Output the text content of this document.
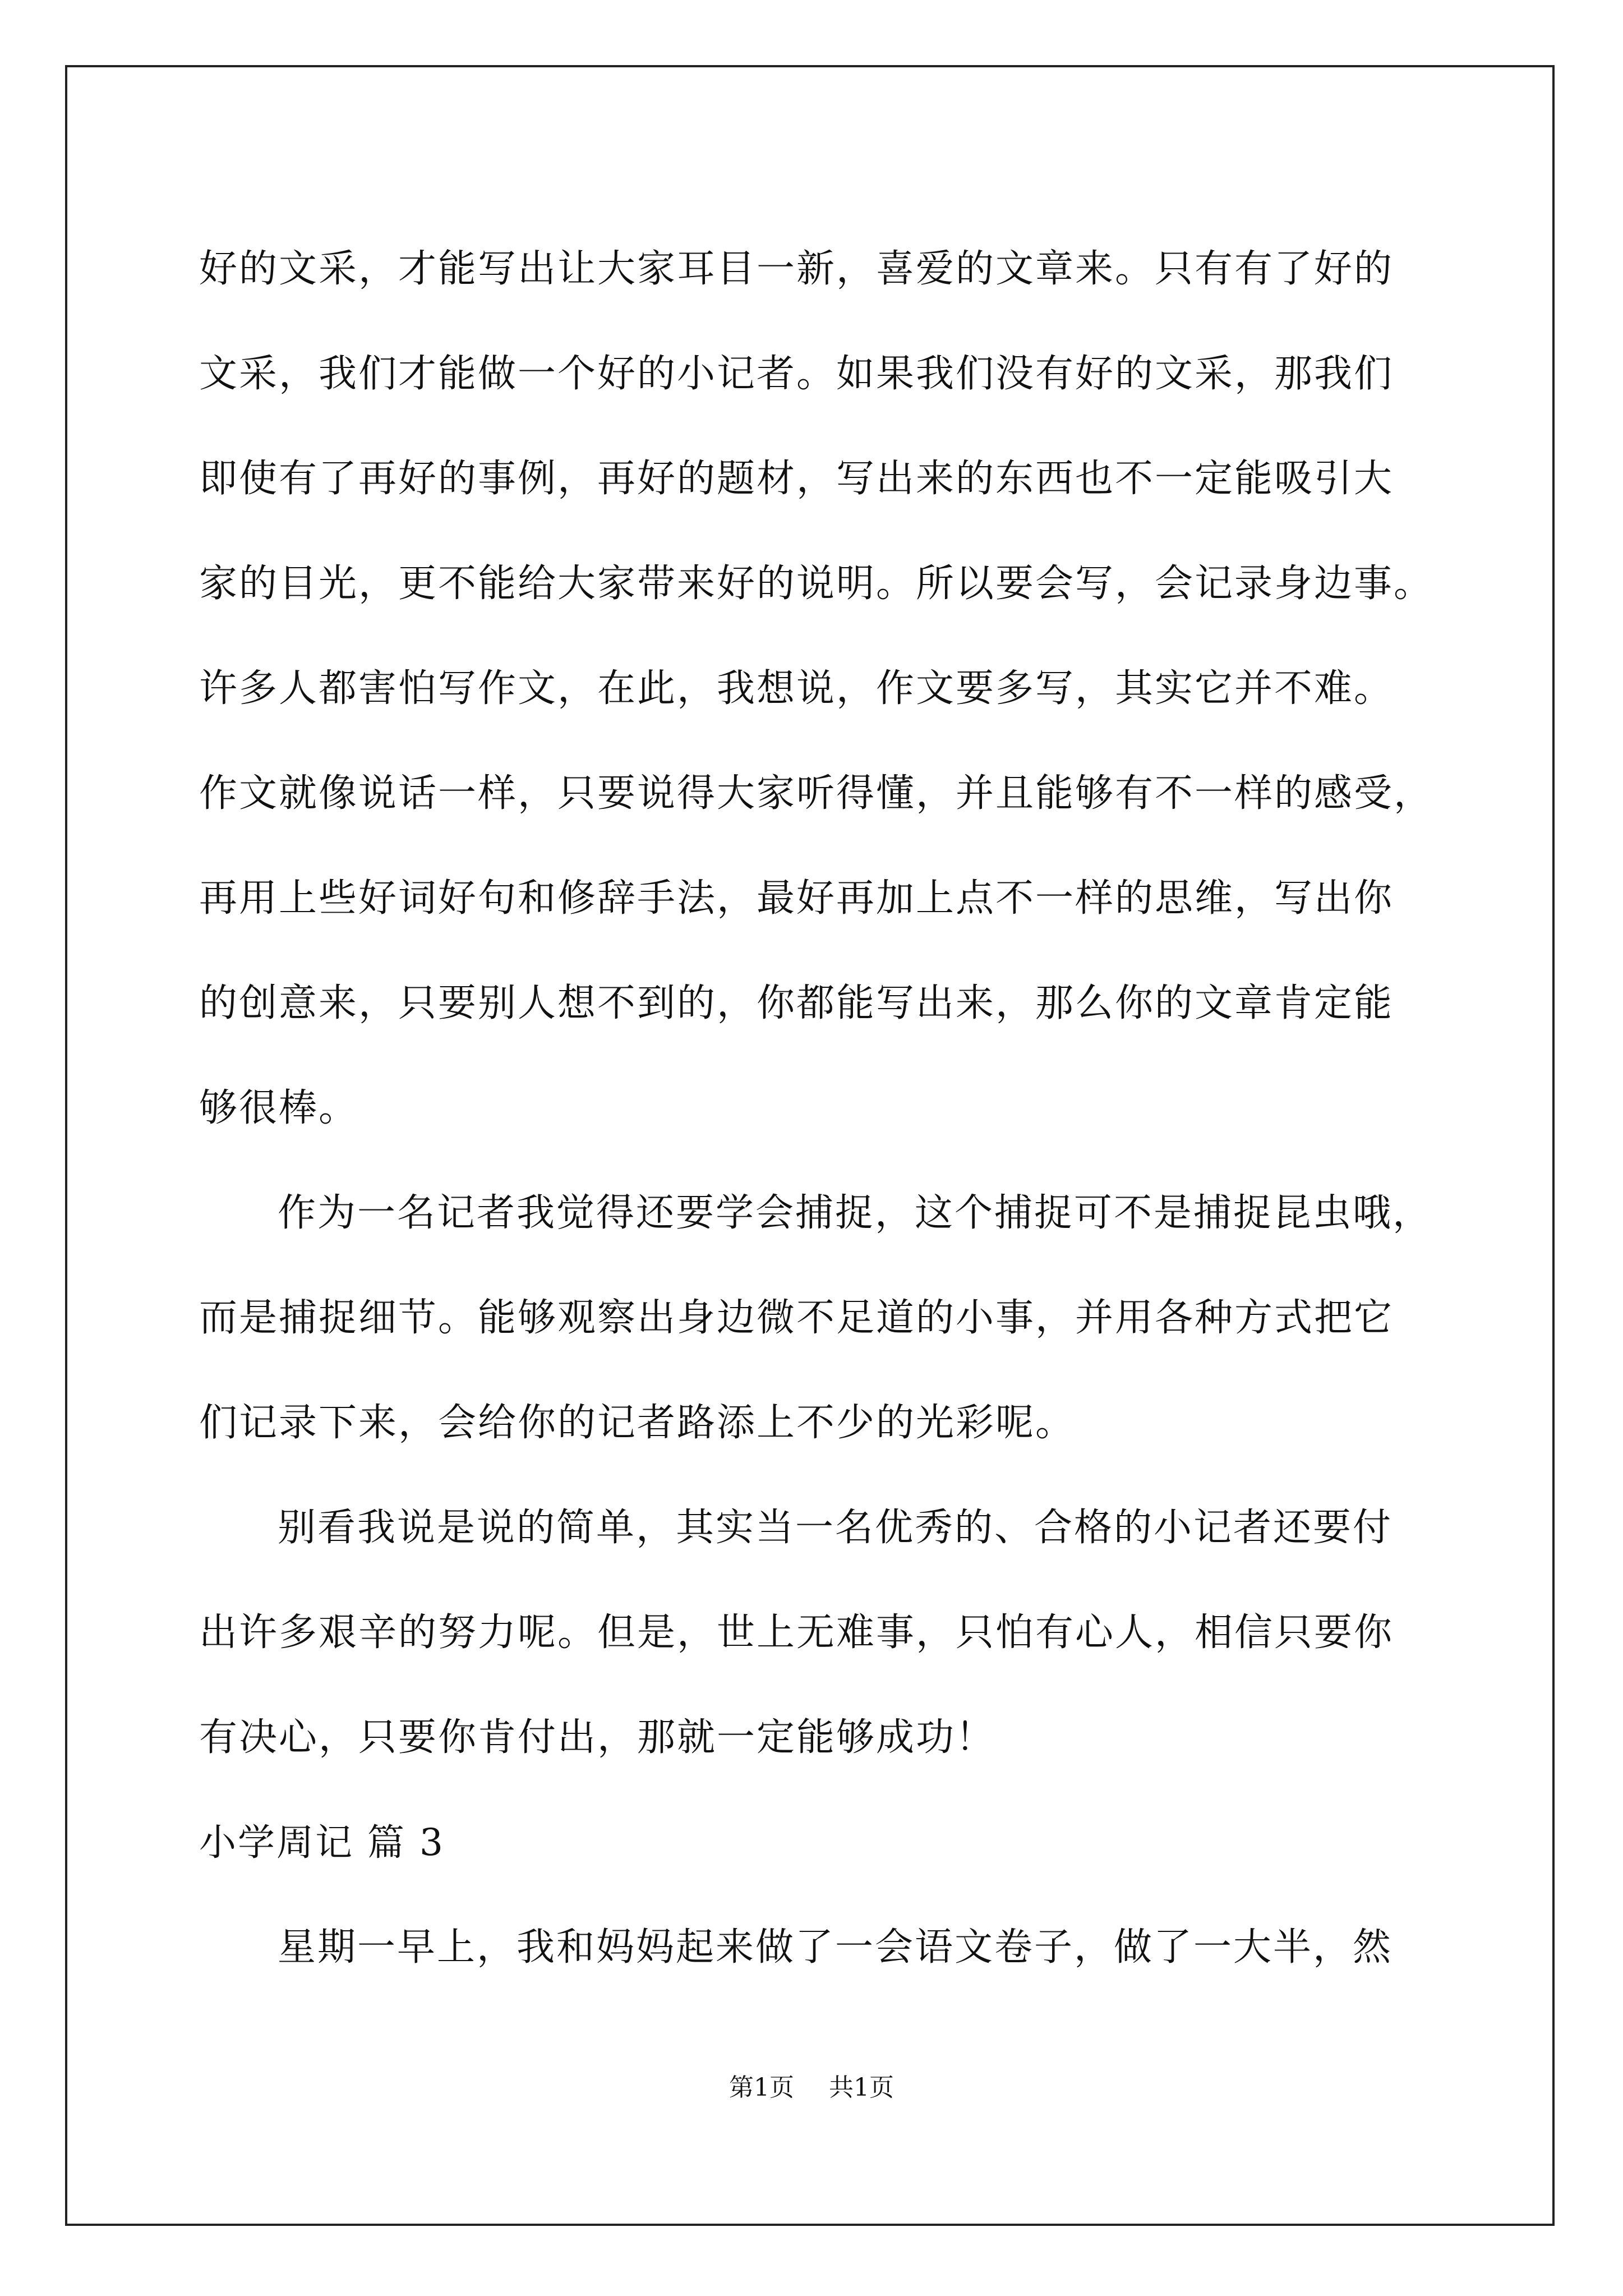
好的文采，才能写出让大家耳目一新，喜爱的文章来。只有有了好的
文采，我们才能做一个好的小记者。如果我们没有好的文采，那我们
即使有了再好的事例，再好的题材，写出来的东西也不一定能吸引大
家的目光，更不能给大家带来好的说明。所以要会写，会记录身边事。
许多人都害怕写作文，在此，我想说，作文要多写，其实它并不难。
作文就像说话一样，只要说得大家听得懂，并且能够有不一样的感受，
再用上些好词好句和修辞手法，最好再加上点不一样的思维，写出你
的创意来，只要别人想不到的，你都能写出来，那么你的文章肯定能
够很棒。
作为一名记者我觉得还要学会捕捉，这个捕捉可不是捕捉昆虫哦，
而是捕捉细节。能够观察出身边微不足道的小事，并用各种方式把它
们记录下来，会给你的记者路添上不少的光彩呢。
别看我说是说的简单，其实当一名优秀的、合格的小记者还要付
出许多艰辛的努力呢。但是，世上无难事，只怕有心人，相信只要你
有决心，只要你肯付出，那就一定能够成功！
小学周记 篇 3
星期一早上，我和妈妈起来做了一会语文卷子，做了一大半，然
第1页 共1页
